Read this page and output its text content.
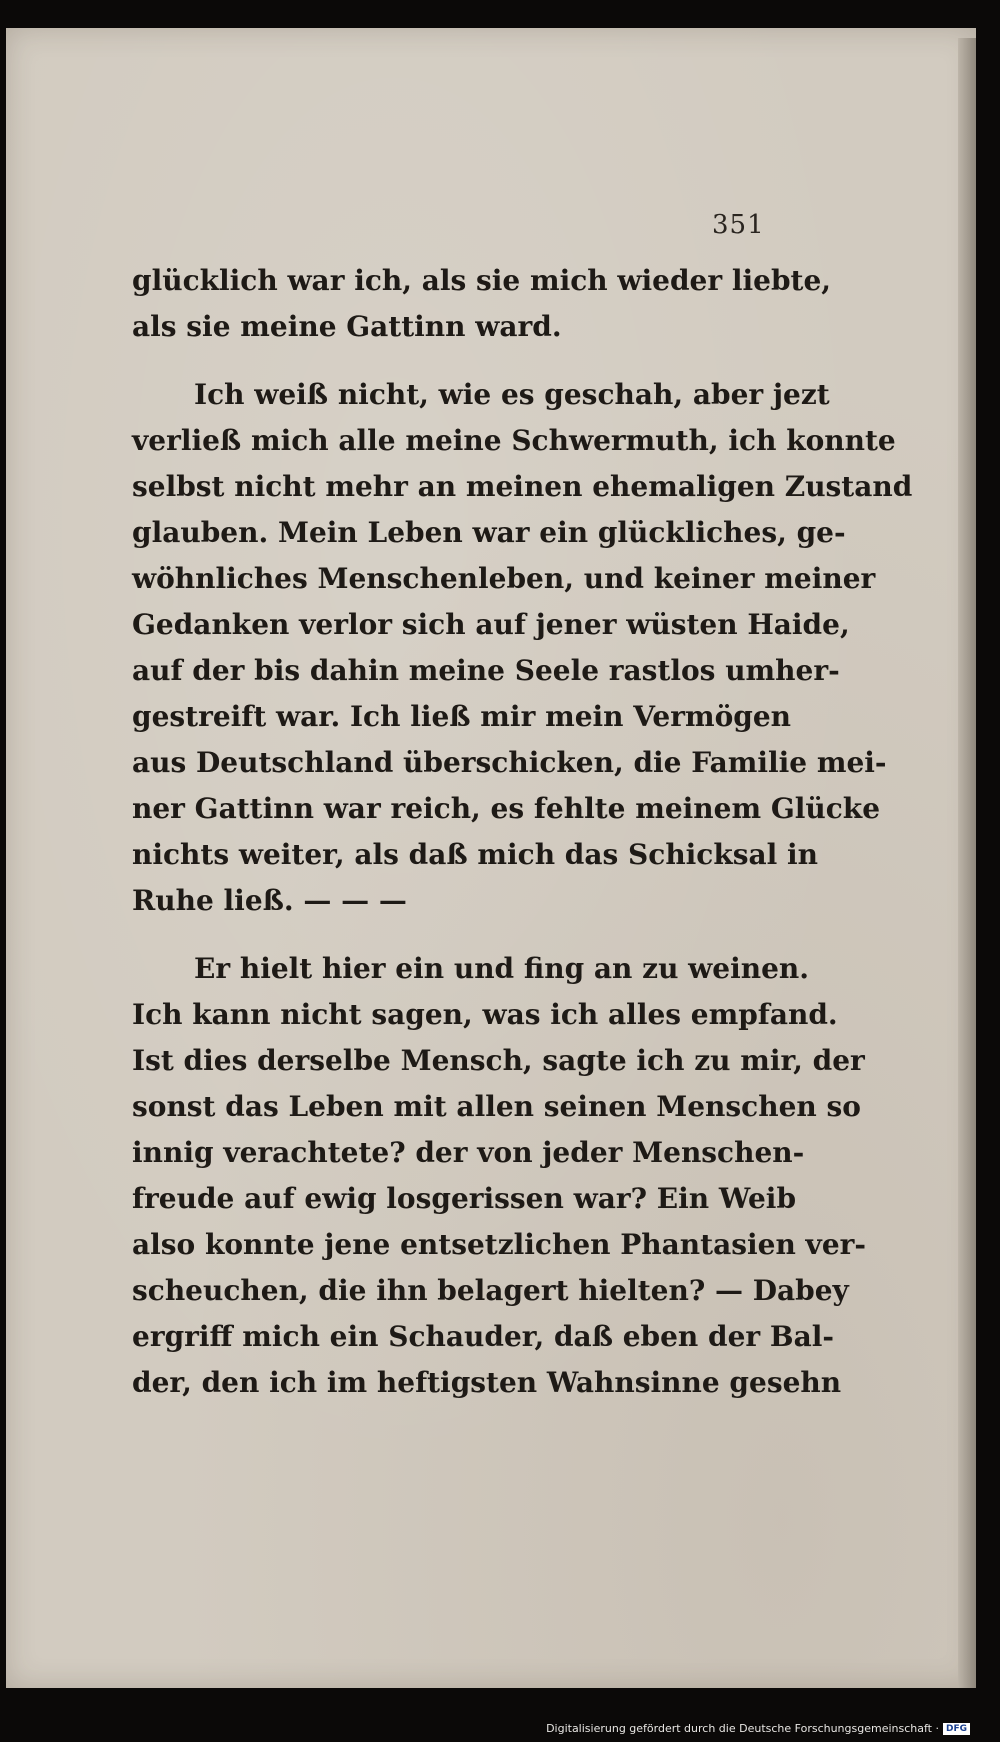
351
glücklich war ich, als sie mich wieder liebte,
als sie meine Gattinn ward.
Ich weiß nicht, wie es geschah, aber jezt
verließ mich alle meine Schwermuth, ich konnte
selbst nicht mehr an meinen ehemaligen Zustand
glauben. Mein Leben war ein glückliches, ge-
wöhnliches Menschenleben, und keiner meiner
Gedanken verlor sich auf jener wüsten Haide,
auf der bis dahin meine Seele rastlos umher-
gestreift war. Ich ließ mir mein Vermögen
aus Deutschland überschicken, die Familie mei-
ner Gattinn war reich, es fehlte meinem Glücke
nichts weiter, als daß mich das Schicksal in
Ruhe ließ. — — —
Er hielt hier ein und fing an zu weinen.
Ich kann nicht sagen, was ich alles empfand.
Ist dies derselbe Mensch, sagte ich zu mir, der
sonst das Leben mit allen seinen Menschen so
innig verachtete? der von jeder Menschen-
freude auf ewig losgerissen war? Ein Weib
also konnte jene entsetzlichen Phantasien ver-
scheuchen, die ihn belagert hielten? — Dabey
ergriff mich ein Schauder, daß eben der Bal-
der, den ich im heftigsten Wahnsinne gesehn
Digitalisierung gefördert durch die Deutsche Forschungsgemeinschaft · DFG
